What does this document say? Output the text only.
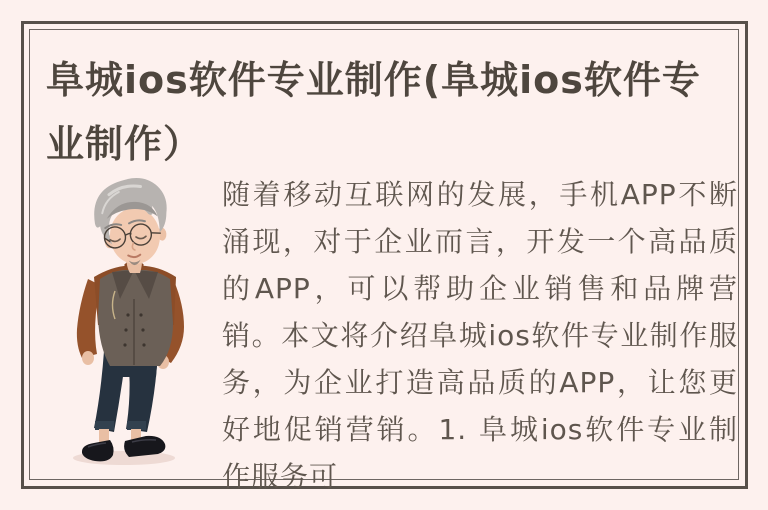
阜城ios软件专业制作(阜城ios软件专业制作）

随着移动互联网的发展，手机APP不断涌现，对于企业而言，开发一个高品质的APP，可以帮助企业销售和品牌营销。本文将介绍阜城ios软件专业制作服务，为企业打造高品质的APP，让您更好地促销营销。1. 阜城ios软件专业制作服务可
